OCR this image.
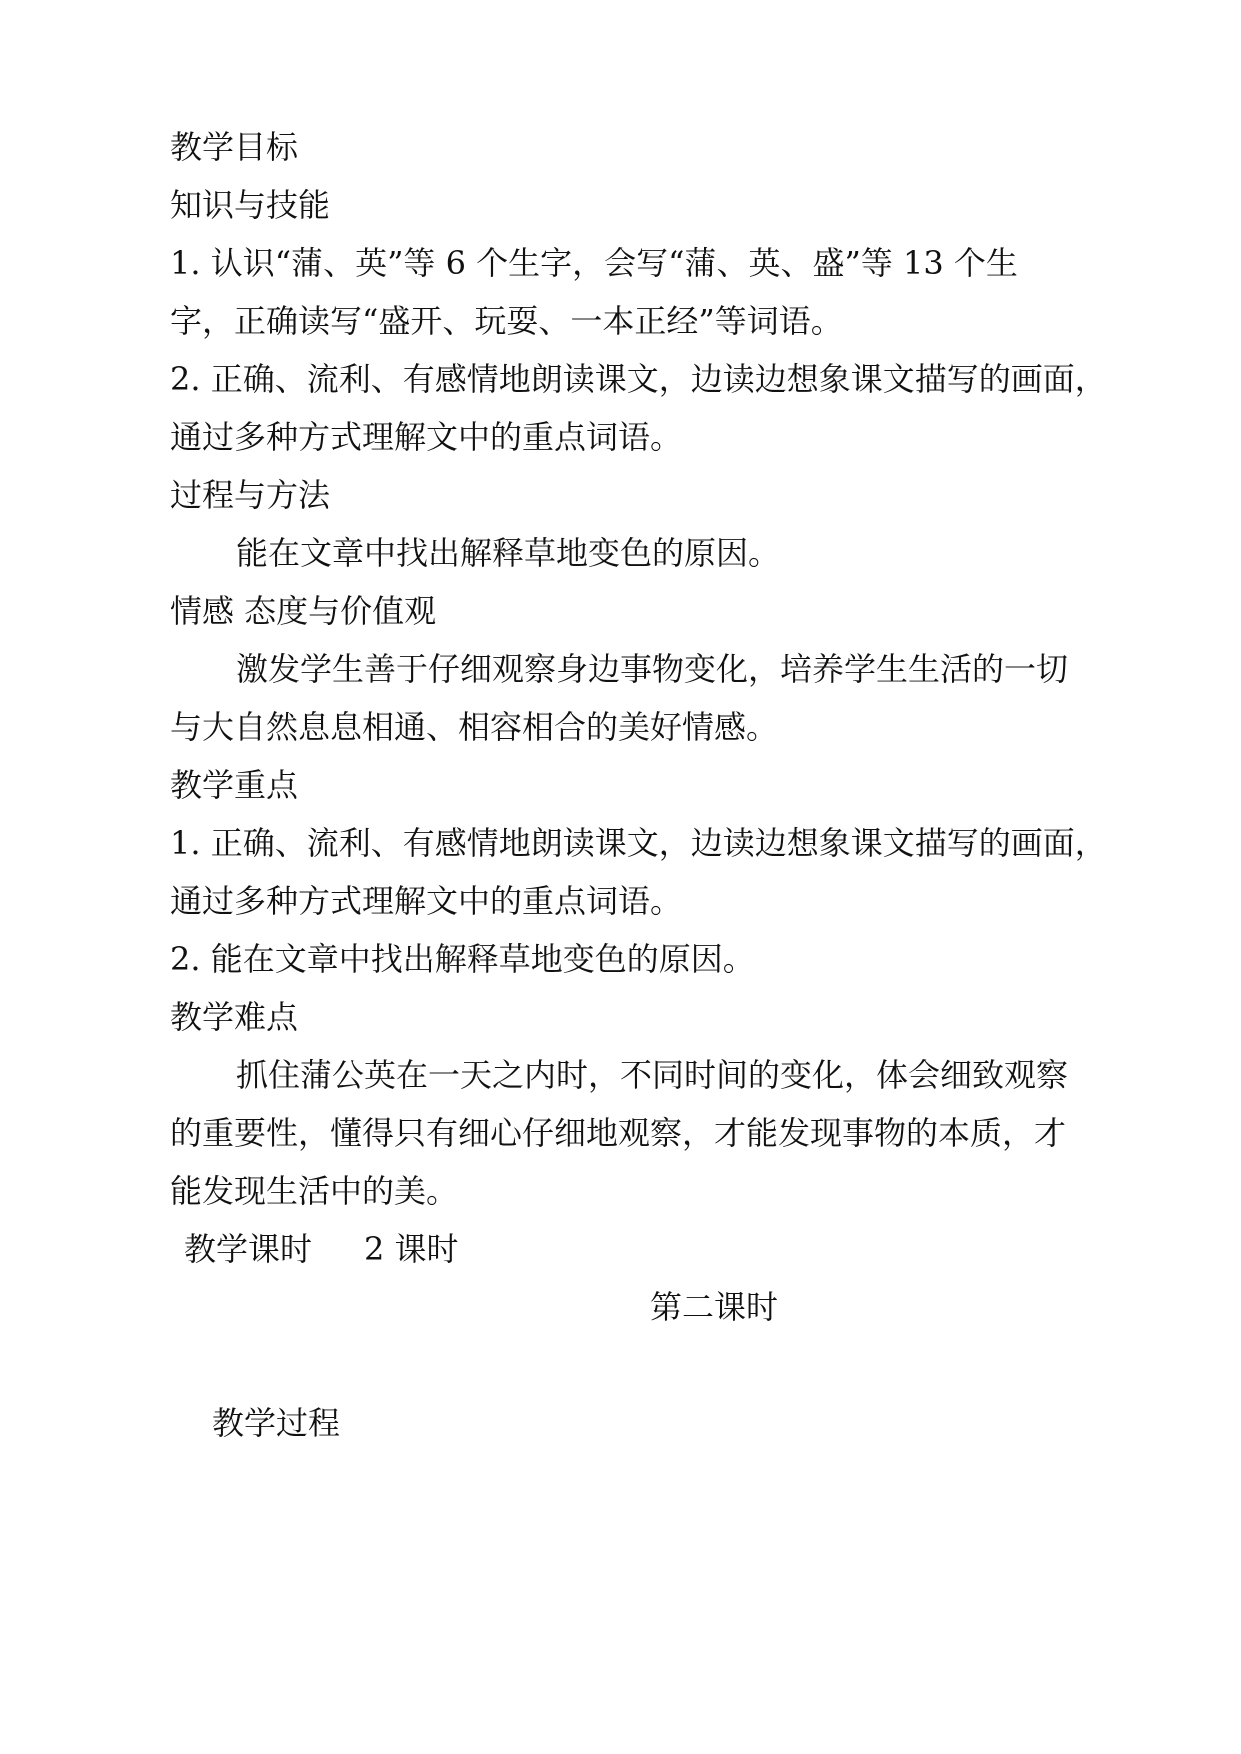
教学目标
知识与技能
1. 认识“蒲、英”等 6 个生字，会写“蒲、英、盛”等 13 个生
字，正确读写“盛开、玩耍、一本正经”等词语。
2. 正确、流利、有感情地朗读课文，边读边想象课文描写的画面，
通过多种方式理解文中的重点词语。
过程与方法
能在文章中找出解释草地变色的原因。
情感 态度与价值观
激发学生善于仔细观察身边事物变化，培养学生生活的一切
与大自然息息相通、相容相合的美好情感。
教学重点
1. 正确、流利、有感情地朗读课文，边读边想象课文描写的画面，
通过多种方式理解文中的重点词语。
2. 能在文章中找出解释草地变色的原因。
教学难点
抓住蒲公英在一天之内时，不同时间的变化，体会细致观察
的重要性，懂得只有细心仔细地观察，才能发现事物的本质，才
能发现生活中的美。
教学课时 2 课时
第二课时
教学过程
